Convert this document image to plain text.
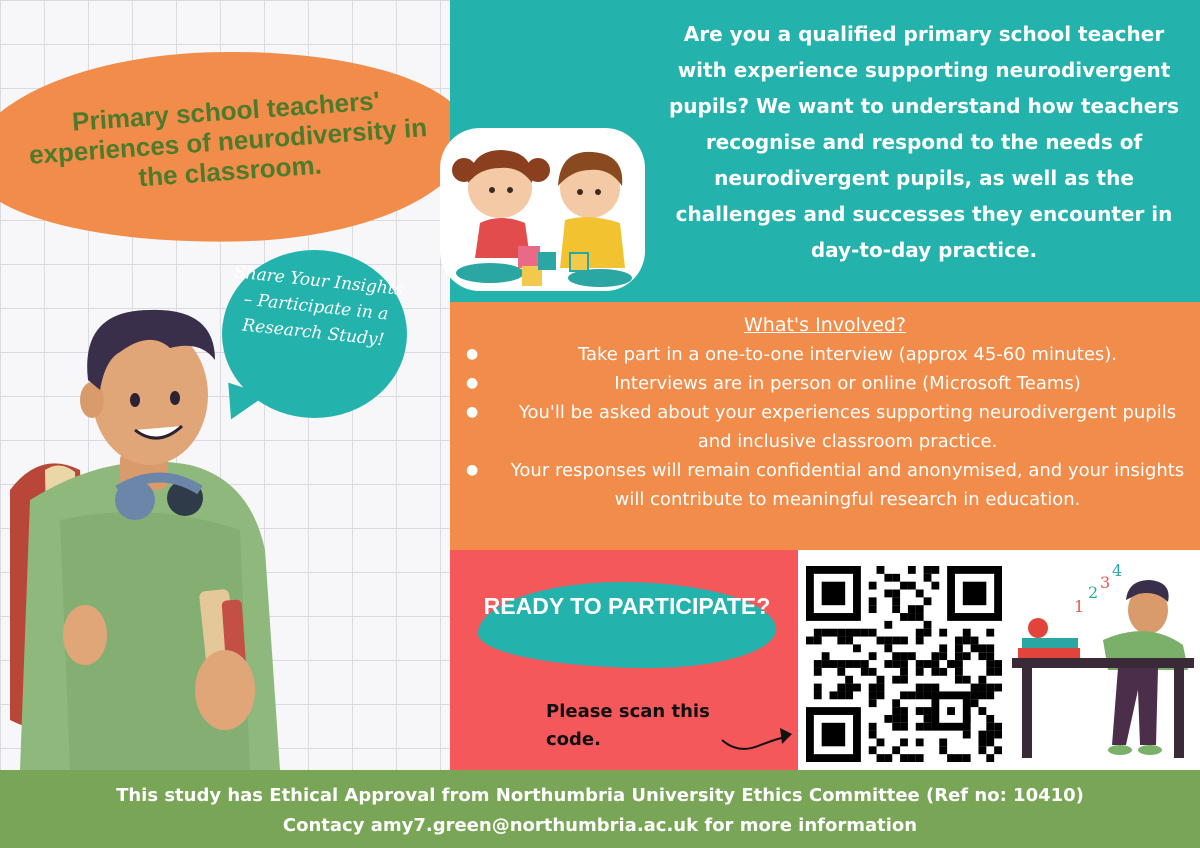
Primary school teachers' experiences of neurodiversity in the classroom.
Share Your Insights – Participate in a Research Study!
Are you a qualified primary school teacher with experience supporting neurodivergent pupils? We want to understand how teachers recognise and respond to the needs of neurodivergent pupils, as well as the challenges and successes they encounter in day-to-day practice.
What's Involved?
● Take part in a one-to-one interview (approx 45-60 minutes).
● Interviews are in person or online (Microsoft Teams)
● You'll be asked about your experiences supporting neurodivergent pupils and inclusive classroom practice.
● Your responses will remain confidential and anonymised, and your insights will contribute to meaningful research in education.
READY TO PARTICIPATE?
Please scan this code.
1
2
3
4
This study has Ethical Approval from Northumbria University Ethics Committee (Ref no: 10410)
Contacy amy7.green@northumbria.ac.uk for more information
